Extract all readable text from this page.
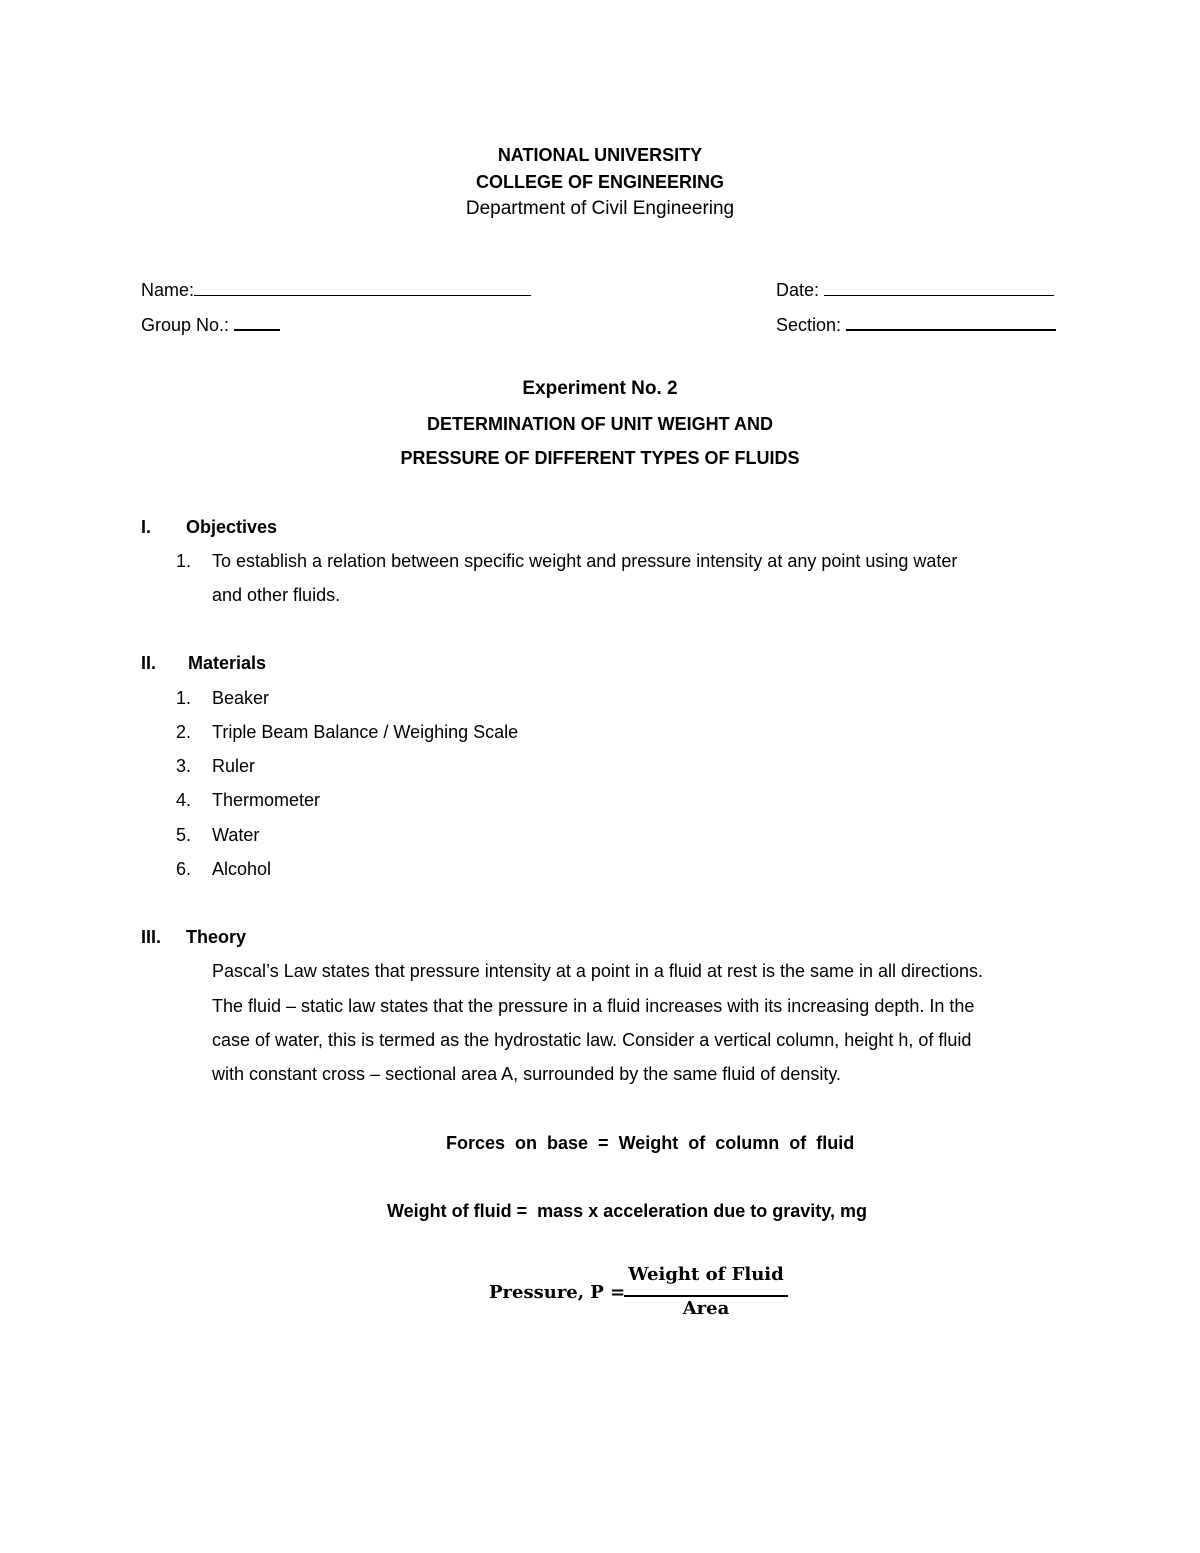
NATIONAL UNIVERSITY
COLLEGE OF ENGINEERING
Department of Civil Engineering
Name:	Date:
Group No.:	Section:
Experiment No. 2
DETERMINATION OF UNIT WEIGHT AND
PRESSURE OF DIFFERENT TYPES OF FLUIDS
I. Objectives
1. To establish a relation between specific weight and pressure intensity at any point using water
and other fluids.
II. Materials
1. Beaker
2. Triple Beam Balance / Weighing Scale
3. Ruler
4. Thermometer
5. Water
6. Alcohol
III. Theory
Pascal’s Law states that pressure intensity at a point in a fluid at rest is the same in all directions.
The fluid – static law states that the pressure in a fluid increases with its increasing depth. In the
case of water, this is termed as the hydrostatic law. Consider a vertical column, height h, of fluid
with constant cross – sectional area A, surrounded by the same fluid of density.
Forces  on  base  =  Weight  of  column  of  fluid
Weight of fluid =  mass x acceleration due to gravity, mg
Pressure, P =
Weight of Fluid
Area
